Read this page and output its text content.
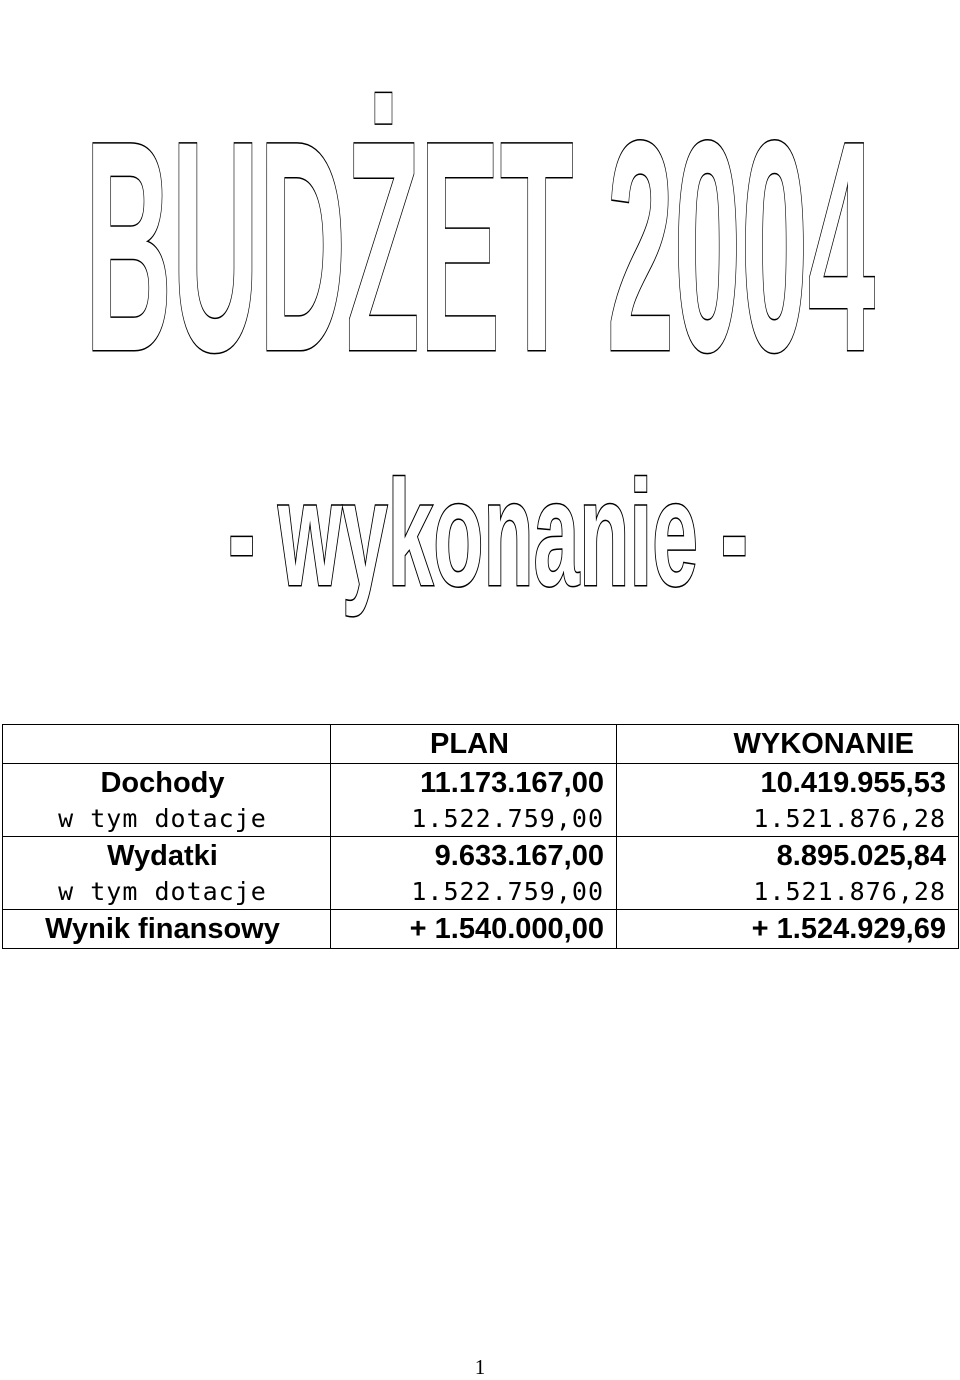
BUDŻET 2004
- wykonanie -
	PLAN	WYKONANIE
Dochody	11.173.167,00	10.419.955,53
w tym dotacje	1.522.759,00	1.521.876,28
Wydatki	9.633.167,00	8.895.025,84
w tym dotacje	1.522.759,00	1.521.876,28
Wynik finansowy	+ 1.540.000,00	+ 1.524.929,69
1
